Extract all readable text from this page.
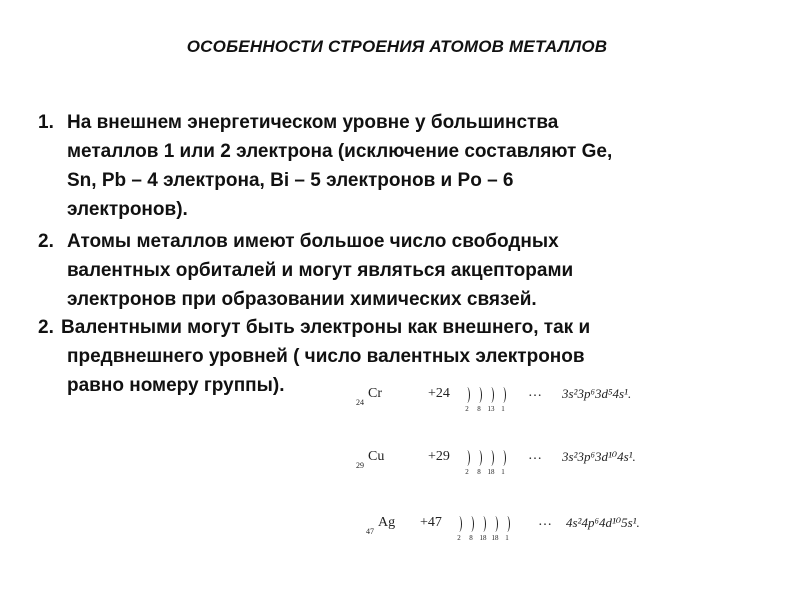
ОСОБЕННОСТИ СТРОЕНИЯ АТОМОВ МЕТАЛЛОВ
1. На внешнем энергетическом уровне у большинства
металлов 1 или 2 электрона (исключение составляют Ge,
Sn, Pb – 4 электрона, Bi – 5 электронов и Po – 6
электронов).
2. Атомы металлов имеют большое число свободных
валентных орбиталей и могут являться акцепторами
электронов при образовании химических связей.
2. Валентными могут быть электроны как внешнего, так и
предвнешнего уровней ( число валентных электронов
равно номеру группы).
24
Cr	+24
2	8 13 1
… 3s²3p⁶3d⁵4s¹.
29
Cu	+29
2	8 18 1
… 3s²3p⁶3d¹⁰4s¹.
47
Ag +47
2	8 18 18 1
… 4s²4p⁶4d¹⁰5s¹.
